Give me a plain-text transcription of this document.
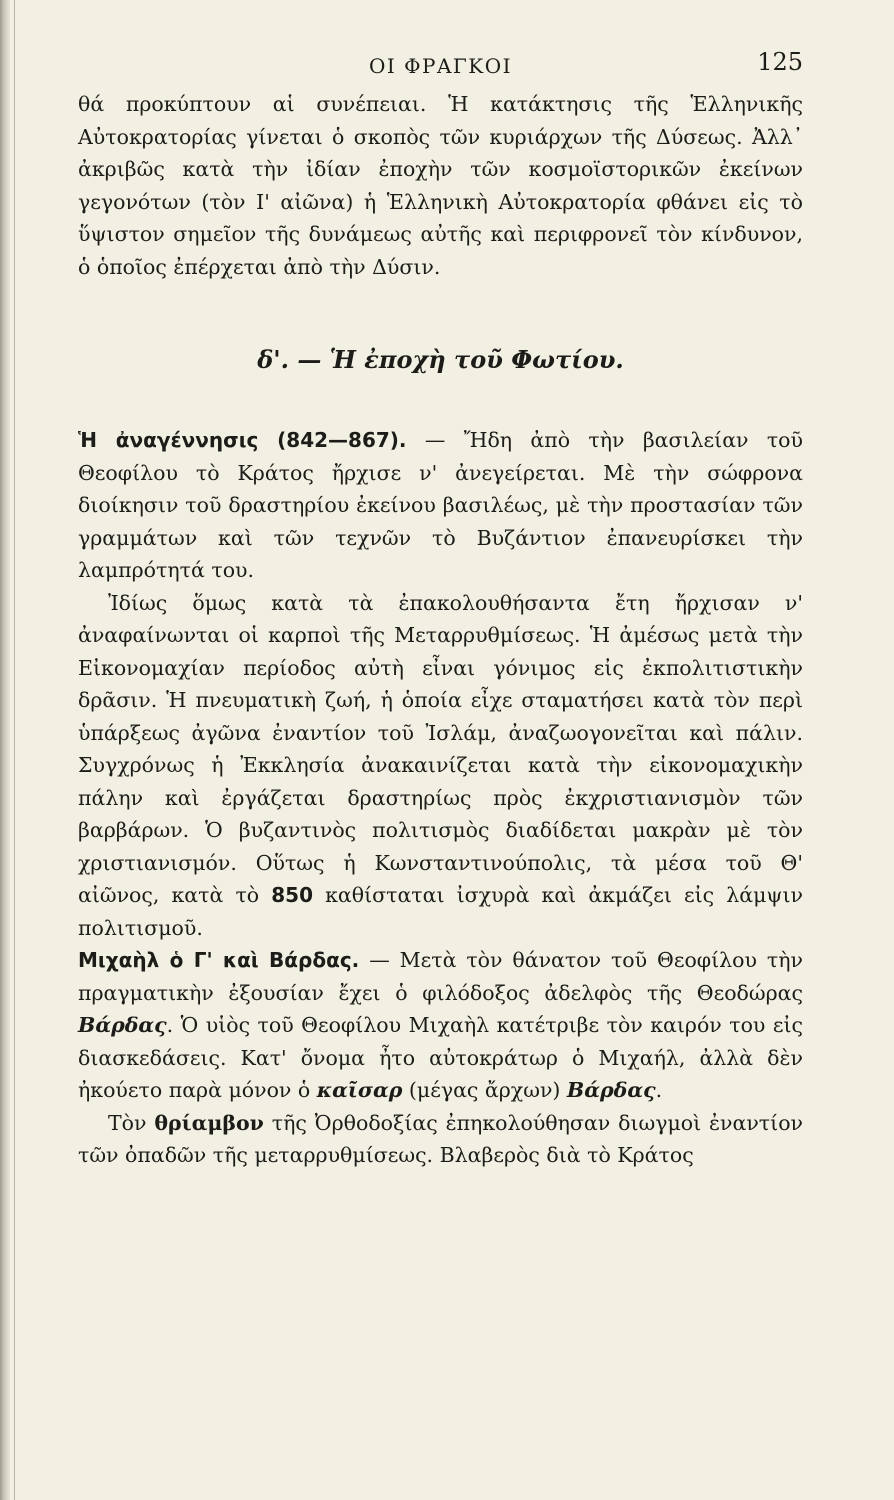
ΟΙ ΦΡΑΓΚΟΙ	125

θά προκύπτουν αἱ συνέπειαι. Ἡ κατάκτησις τῆς Ἑλληνικῆς Αὐτοκρατορίας γίνεται ὁ σκοπὸς τῶν κυριάρχων τῆς Δύσεως. Ἀλλ᾽ ἀκριβῶς κατὰ τὴν ἰδίαν ἐποχὴν τῶν κοσμοϊστορικῶν ἐκείνων γεγονότων (τὸν Ι' αἰῶνα) ἡ Ἑλληνικὴ Αὐτοκρατορία φθάνει εἰς τὸ ὕψιστον σημεῖον τῆς δυνάμεως αὐτῆς καὶ περιφρονεῖ τὸν κίνδυνον, ὁ ὁποῖος ἐπέρχεται ἀπὸ τὴν Δύσιν.

δ'. — Ἡ ἐποχὴ τοῦ Φωτίου.

Ἡ ἀναγέννησις (842—867). — Ἤδη ἀπὸ τὴν βασιλείαν τοῦ Θεοφίλου τὸ Κράτος ἤρχισε ν' ἀνεγείρεται. Μὲ τὴν σώφρονα διοίκησιν τοῦ δραστηρίου ἐκείνου βασιλέως, μὲ τὴν προστασίαν τῶν γραμμάτων καὶ τῶν τεχνῶν τὸ Βυζάντιον ἐπανευρίσκει τὴν λαμπρότητά του.

Ἰδίως ὅμως κατὰ τὰ ἐπακολουθήσαντα ἔτη ἤρχισαν ν' ἀναφαίνωνται οἱ καρποὶ τῆς Μεταρρυθμίσεως. Ἡ ἀμέσως μετὰ τὴν Εἰκονομαχίαν περίοδος αὐτὴ εἶναι γόνιμος εἰς ἐκπολιτιστικὴν δρᾶσιν. Ἡ πνευματικὴ ζωή, ἡ ὁποία εἶχε σταματήσει κατὰ τὸν περὶ ὑπάρξεως ἀγῶνα ἐναντίον τοῦ Ἰσλάμ, ἀναζωογονεῖται καὶ πάλιν. Συγχρόνως ἡ Ἐκκλησία ἀνακαινίζεται κατὰ τὴν εἰκονομαχικὴν πάλην καὶ ἐργάζεται δραστηρίως πρὸς ἐκχριστιανισμὸν τῶν βαρβάρων. Ὁ βυζαντινὸς πολιτισμὸς διαδίδεται μακρὰν μὲ τὸν χριστιανισμόν. Οὕτως ἡ Κωνσταντινούπολις, τὰ μέσα τοῦ Θ' αἰῶνος, κατὰ τὸ 850 καθίσταται ἰσχυρὰ καὶ ἀκμάζει εἰς λάμψιν πολιτισμοῦ.

Μιχαὴλ ὁ Γ' καὶ Βάρδας. — Μετὰ τὸν θάνατον τοῦ Θεοφίλου τὴν πραγματικὴν ἐξουσίαν ἔχει ὁ φιλόδοξος ἀδελφὸς τῆς Θεοδώρας Βάρδας. Ὁ υἱὸς τοῦ Θεοφίλου Μιχαὴλ κατέτριβε τὸν καιρόν του εἰς διασκεδάσεις. Κατ' ὄνομα ἦτο αὐτοκράτωρ ὁ Μιχαήλ, ἀλλὰ δὲν ἠκούετο παρὰ μόνον ὁ καῖσαρ (μέγας ἄρχων) Βάρδας.

Τὸν θρίαμβον τῆς Ὀρθοδοξίας ἐπηκολούθησαν διωγμοὶ ἐναντίον τῶν ὀπαδῶν τῆς μεταρρυθμίσεως. Βλαβερὸς διὰ τὸ Κράτος
